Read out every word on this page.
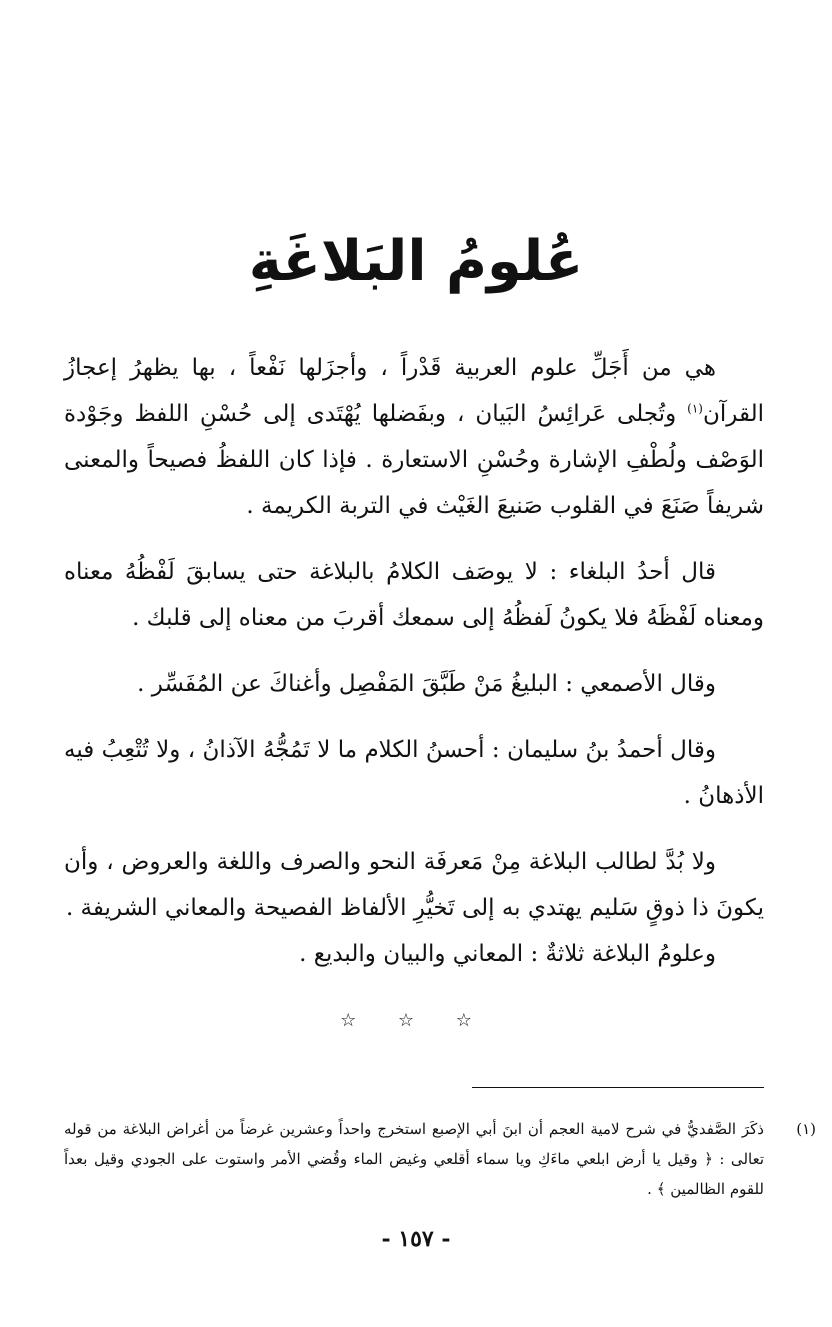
عُلومُ البَلاغَةِ

هي من أَجَلِّ علوم العربية قَدْراً ، وأجزَلها نَفْعاً ، بها يظهرُ إعجازُ القرآن$^{(١)}$ وتُجلى عَرائِسُ البَيان ، وبفَضلها يُهْتَدى إلى حُسْنِ اللفظ وجَوْدة الوَصْف ولُطْفِ الإشارة وحُسْنِ الاستعارة . فإذا كان اللفظُ فصيحاً والمعنى شريفاً صَنَعَ في القلوب صَنيعَ الغَيْث في التربة الكريمة .

قال أحدُ البلغاء : لا يوصَف الكلامُ بالبلاغة حتى يسابقَ لَفْظُهُ معناه ومعناه لَفْظَهُ فلا يكونُ لَفظُهُ إلى سمعك أقربَ من معناه إلى قلبك .

وقال الأصمعي : البليغُ مَنْ طَبَّقَ المَفْصِل وأغناكَ عن المُفَسِّر .

وقال أحمدُ بنُ سليمان : أحسنُ الكلام ما لا تَمُجُّهُ الآذانُ ، ولا تُتْعِبُ فيه الأذهانُ .

ولا بُدَّ لطالب البلاغة مِنْ مَعرفَة النحو والصرف واللغة والعروض ، وأن يكونَ ذا ذوقٍ سَليم يهتدي به إلى تَخيُّرِ الألفاظ الفصيحة والمعاني الشريفة .

وعلومُ البلاغة ثلاثةٌ : المعاني والبيان والبديع .

☆ ☆ ☆
(١)

ذكَرَ الصَّفديُّ في شرح لامية العجم أن ابنَ أبي الإصبع استخرج واحداً وعشرين غرضاً من أغراض البلاغة من قوله تعالى : ﴿ وقيل يا أرض ابلعي ماءَكِ ويا سماء أقلعي وغيض الماء وقُضي الأمر واستوت على الجودي وقيل بعداً للقوم الظالمين ﴾ .

- ١٥٧ -
